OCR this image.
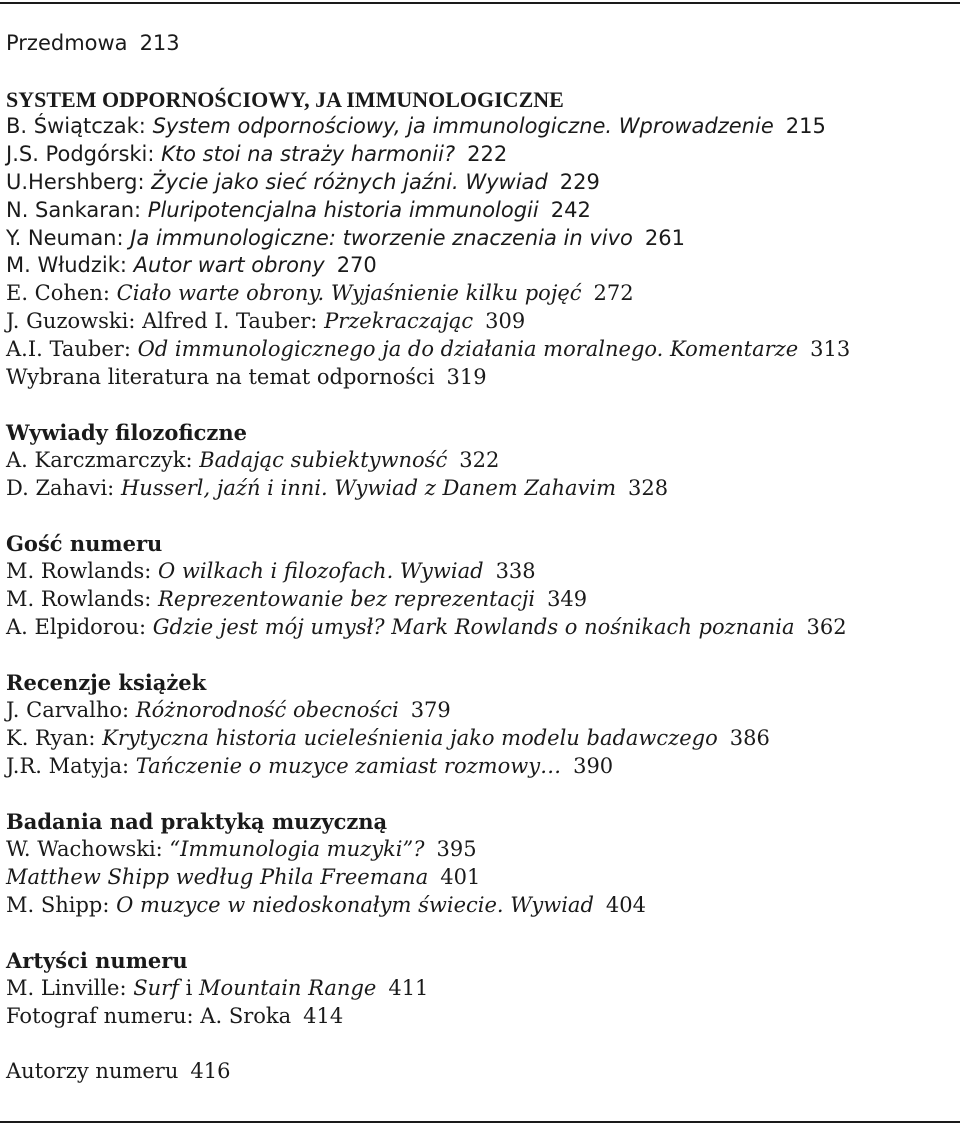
Przedmowa 213
SYSTEM ODPORNOŚCIOWY, JA IMMUNOLOGICZNE
B. Świątczak: System odpornościowy, ja immunologiczne. Wprowadzenie 215
J.S. Podgórski: Kto stoi na straży harmonii? 222
U.Hershberg: Życie jako sieć różnych jaźni. Wywiad 229
N. Sankaran: Pluripotencjalna historia immunologii 242
Y. Neuman: Ja immunologiczne: tworzenie znaczenia in vivo 261
M. Włudzik: Autor wart obrony 270
E. Cohen: Ciało warte obrony. Wyjaśnienie kilku pojęć 272
J. Guzowski: Alfred I. Tauber: Przekraczając 309
A.I. Tauber: Od immunologicznego ja do działania moralnego. Komentarze 313
Wybrana literatura na temat odporności 319
Wywiady filozoficzne
A. Karczmarczyk: Badając subiektywność 322
D. Zahavi: Husserl, jaźń i inni. Wywiad z Danem Zahavim 328
Gość numeru
M. Rowlands: O wilkach i filozofach. Wywiad 338
M. Rowlands: Reprezentowanie bez reprezentacji 349
A. Elpidorou: Gdzie jest mój umysł? Mark Rowlands o nośnikach poznania 362
Recenzje książek
J. Carvalho: Różnorodność obecności 379
K. Ryan: Krytyczna historia ucieleśnienia jako modelu badawczego 386
J.R. Matyja: Tańczenie o muzyce zamiast rozmowy… 390
Badania nad praktyką muzyczną
W. Wachowski: “Immunologia muzyki”? 395
Matthew Shipp według Phila Freemana 401
M. Shipp: O muzyce w niedoskonałym świecie. Wywiad 404
Artyści numeru
M. Linville: Surf i Mountain Range 411
Fotograf numeru: A. Sroka 414
Autorzy numeru 416
